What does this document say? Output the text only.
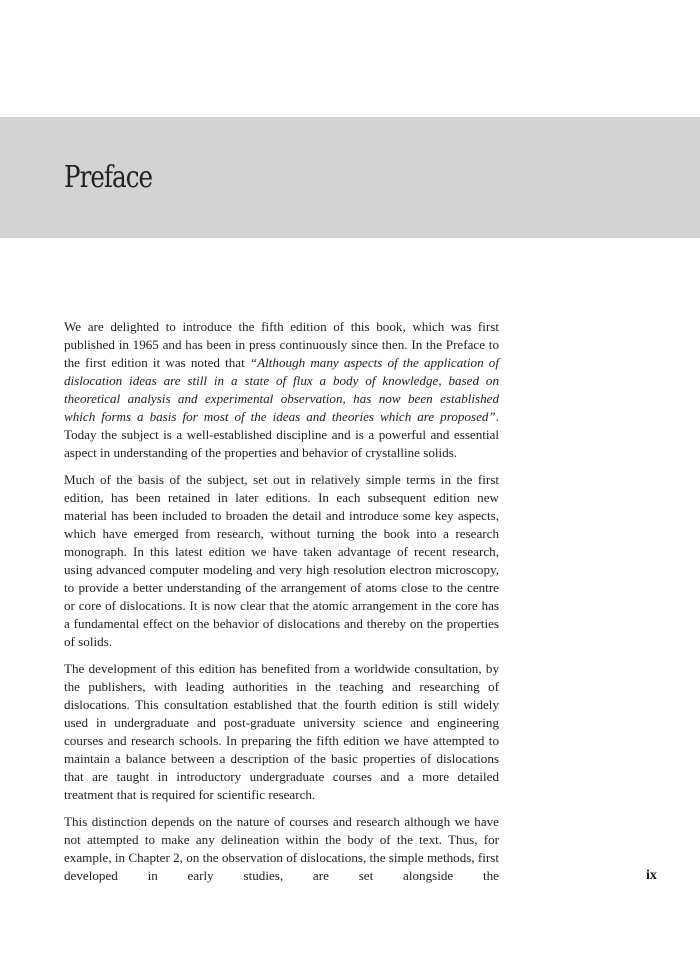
Preface

We are delighted to introduce the fifth edition of this book, which was first published in 1965 and has been in press continuously since then. In the Preface to the first edition it was noted that “Although many aspects of the application of dislocation ideas are still in a state of flux a body of knowledge, based on theoretical analysis and experimental observation, has now been established which forms a basis for most of the ideas and theories which are proposed”. Today the subject is a well-established discipline and is a powerful and essential aspect in understanding of the properties and behavior of crystalline solids.

Much of the basis of the subject, set out in relatively simple terms in the first edition, has been retained in later editions. In each subsequent edition new material has been included to broaden the detail and introduce some key aspects, which have emerged from research, without turning the book into a research monograph. In this latest edition we have taken advantage of recent research, using advanced computer modeling and very high resolution electron microscopy, to provide a better understanding of the arrangement of atoms close to the centre or core of dislocations. It is now clear that the atomic arrangement in the core has a fundamental effect on the behavior of dislocations and thereby on the properties of solids.

The development of this edition has benefited from a worldwide consultation, by the publishers, with leading authorities in the teaching and researching of dislocations. This consultation established that the fourth edition is still widely used in undergraduate and post-graduate university science and engineering courses and research schools. In preparing the fifth edition we have attempted to maintain a balance between a description of the basic properties of dislocations that are taught in introductory undergraduate courses and a more detailed treatment that is required for scientific research.

This distinction depends on the nature of courses and research although we have not attempted to make any delineation within the body of the text. Thus, for example, in Chapter 2, on the observation of dislocations, the simple methods, first developed in early studies, are set alongside the	ix
